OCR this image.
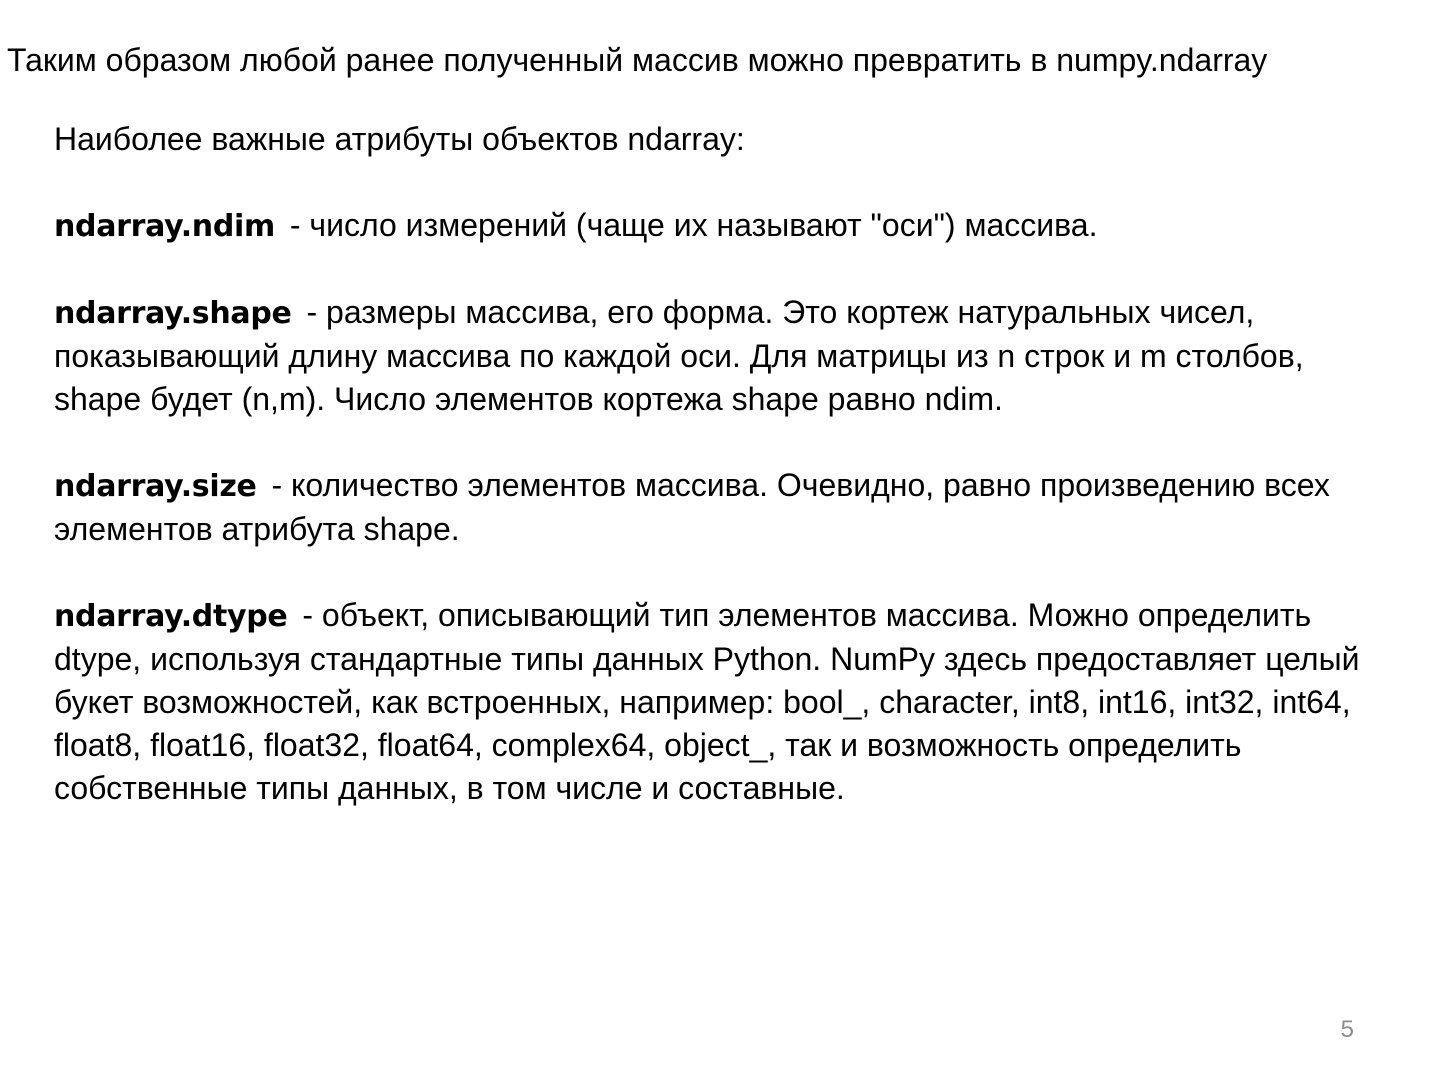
Таким образом любой ранее полученный массив можно превратить в numpy.ndarray

Наиболее важные атрибуты объектов ndarray:

ndarray.ndim - число измерений (чаще их называют "оси") массива.

ndarray.shape - размеры массива, его форма. Это кортеж натуральных чисел, показывающий длину массива по каждой оси. Для матрицы из n строк и m столбов, shape будет (n,m). Число элементов кортежа shape равно ndim.

ndarray.size - количество элементов массива. Очевидно, равно произведению всех элементов атрибута shape.

ndarray.dtype - объект, описывающий тип элементов массива. Можно определить dtype, используя стандартные типы данных Python. NumPy здесь предоставляет целый букет возможностей, как встроенных, например: bool_, character, int8, int16, int32, int64, float8, float16, float32, float64, complex64, object_, так и возможность определить собственные типы данных, в том числе и составные.

5
